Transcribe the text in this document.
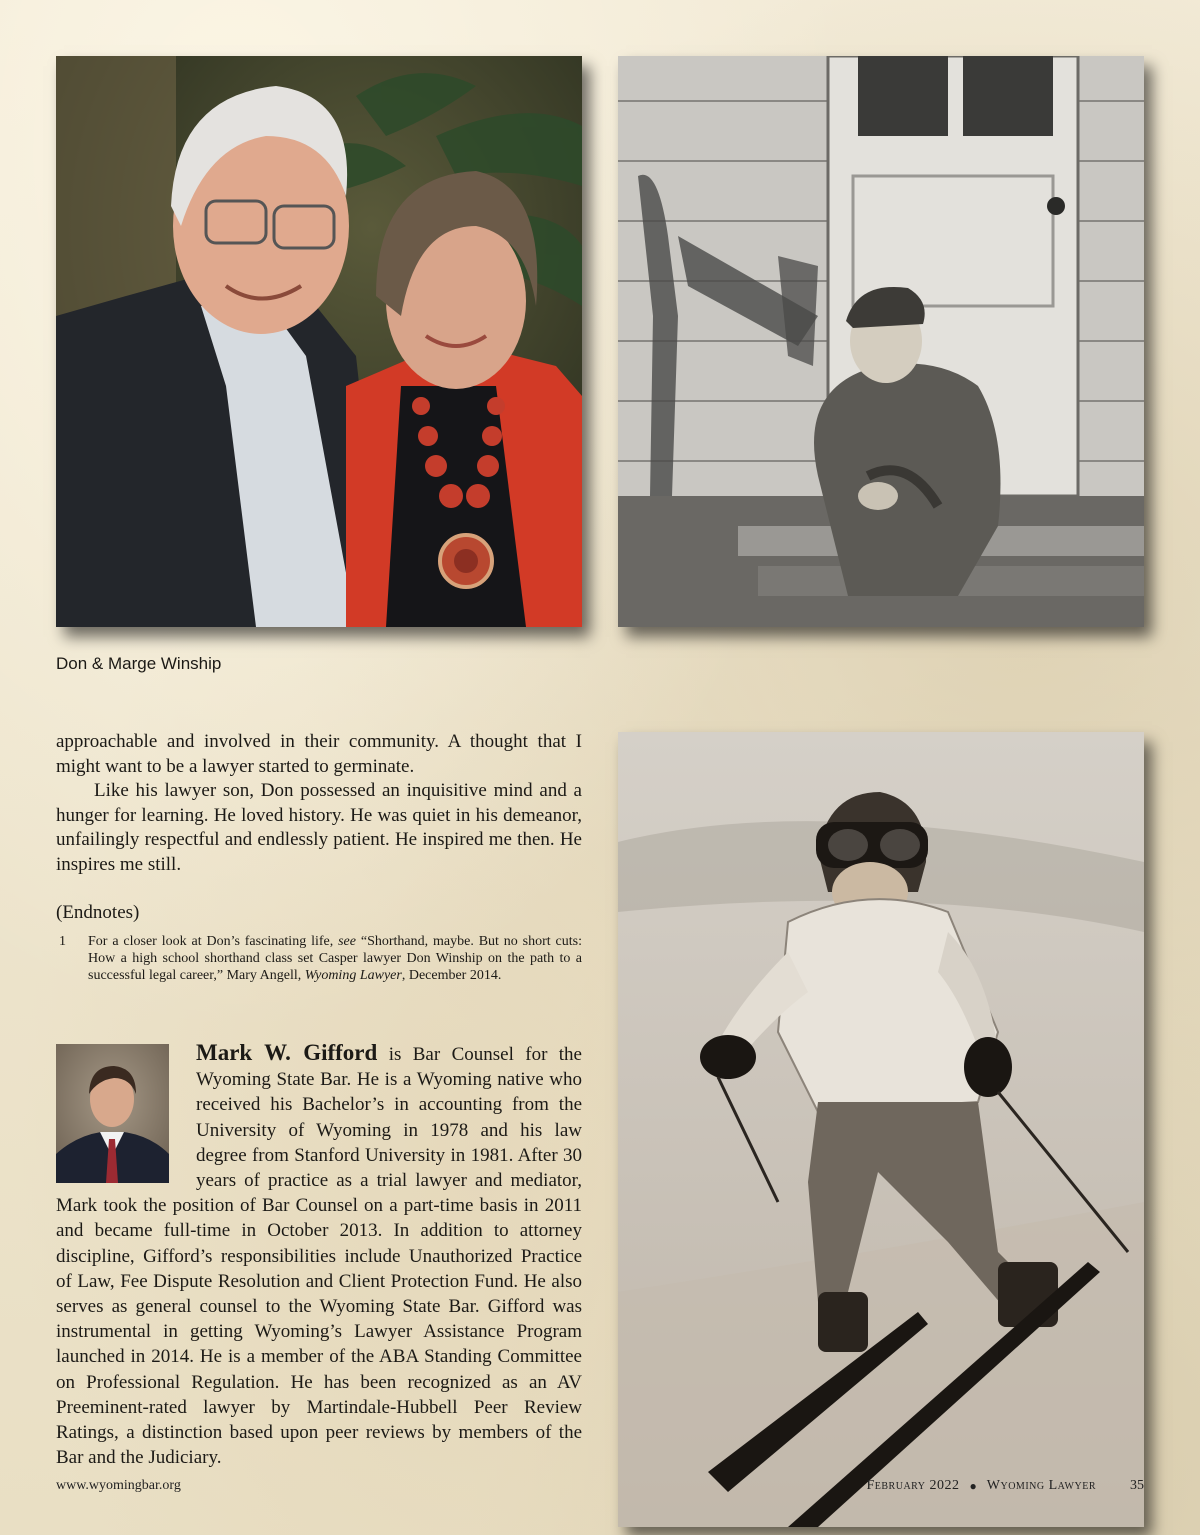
Don & Marge Winship

approachable and involved in their community. A thought that I might want to be a lawyer started to germinate.

Like his lawyer son, Don possessed an inquisitive mind and a hunger for learning. He loved history. He was quiet in his demeanor, unfailingly respectful and endlessly patient. He inspired me then. He inspires me still.

(Endnotes)
1 For a closer look at Don’s fascinating life, see “Shorthand, maybe. But no short cuts: How a high school shorthand class set Casper lawyer Don Winship on the path to a successful legal career,” Mary Angell, Wyoming Lawyer, December 2014.

Mark W. Gifford is Bar Counsel for the Wyoming State Bar. He is a Wyoming native who received his Bachelor’s in accounting from the University of Wyoming in 1978 and his law degree from Stanford University in 1981. After 30 years of practice as a trial lawyer and mediator, Mark took the position of Bar Counsel on a part-time basis in 2011 and became full-time in October 2013. In addition to attorney discipline, Gifford’s responsibilities include Unauthorized Practice of Law, Fee Dispute Resolution and Client Protection Fund. He also serves as general counsel to the Wyoming State Bar. Gifford was instrumental in getting Wyoming’s Lawyer Assistance Program launched in 2014. He is a member of the ABA Standing Committee on Professional Regulation. He has been recognized as an AV Preeminent-rated lawyer by Martindale-Hubbell Peer Review Ratings, a distinction based upon peer reviews by members of the Bar and the Judiciary.

www.wyomingbar.org	February 2022 ● Wyoming Lawyer 35
